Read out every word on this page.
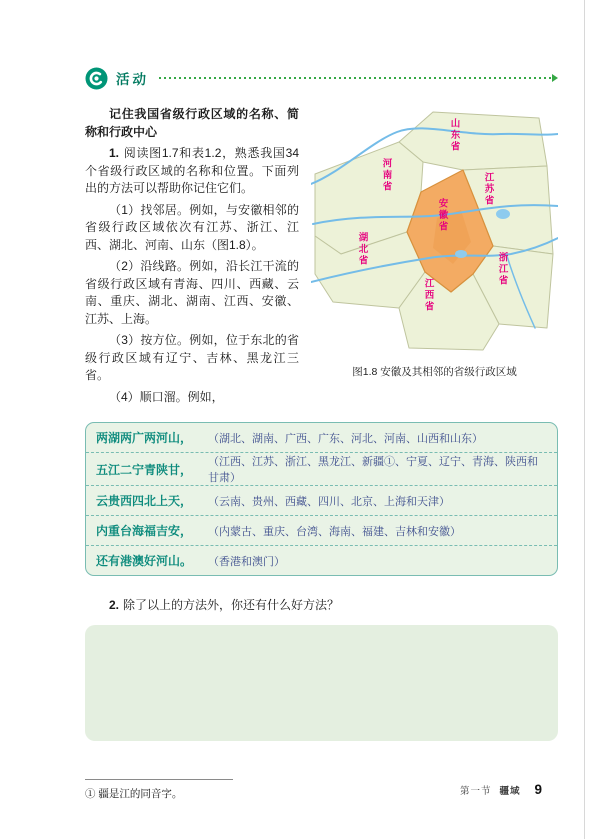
活动

记住我国省级行政区域的名称、简称和行政中心

1. 阅读图1.7和表1.2，熟悉我国34个省级行政区域的名称和位置。下面列出的方法可以帮助你记住它们。

（1）找邻居。例如，与安徽相邻的省级行政区域依次有江苏、浙江、江西、湖北、河南、山东（图1.8）。

（2）沿线路。例如，沿长江干流的省级行政区域有青海、四川、西藏、云南、重庆、湖北、湖南、江西、安徽、江苏、上海。

（3）按方位。例如，位于东北的省级行政区域有辽宁、吉林、黑龙江三省。

（4）顺口溜。例如，

山东省
河南省	江苏省
安徽省
湖北省
浙江省
江西省
图1.8 安徽及其相邻的省级行政区域
两湖两广两河山，	（湖北、湖南、广西、广东、河北、河南、山西和山东）
五江二宁青陕甘，
（江西、江苏、浙江、黑龙江、新疆①、宁夏、辽宁、青海、陕西和甘肃）
云贵西四北上天，	（云南、贵州、西藏、四川、北京、上海和天津）
内重台海福吉安，	（内蒙古、重庆、台湾、海南、福建、吉林和安徽）
还有港澳好河山。	（香港和澳门）

2. 除了以上的方法外，你还有什么好方法？

① 疆是江的同音字。	第一节 疆域 9
